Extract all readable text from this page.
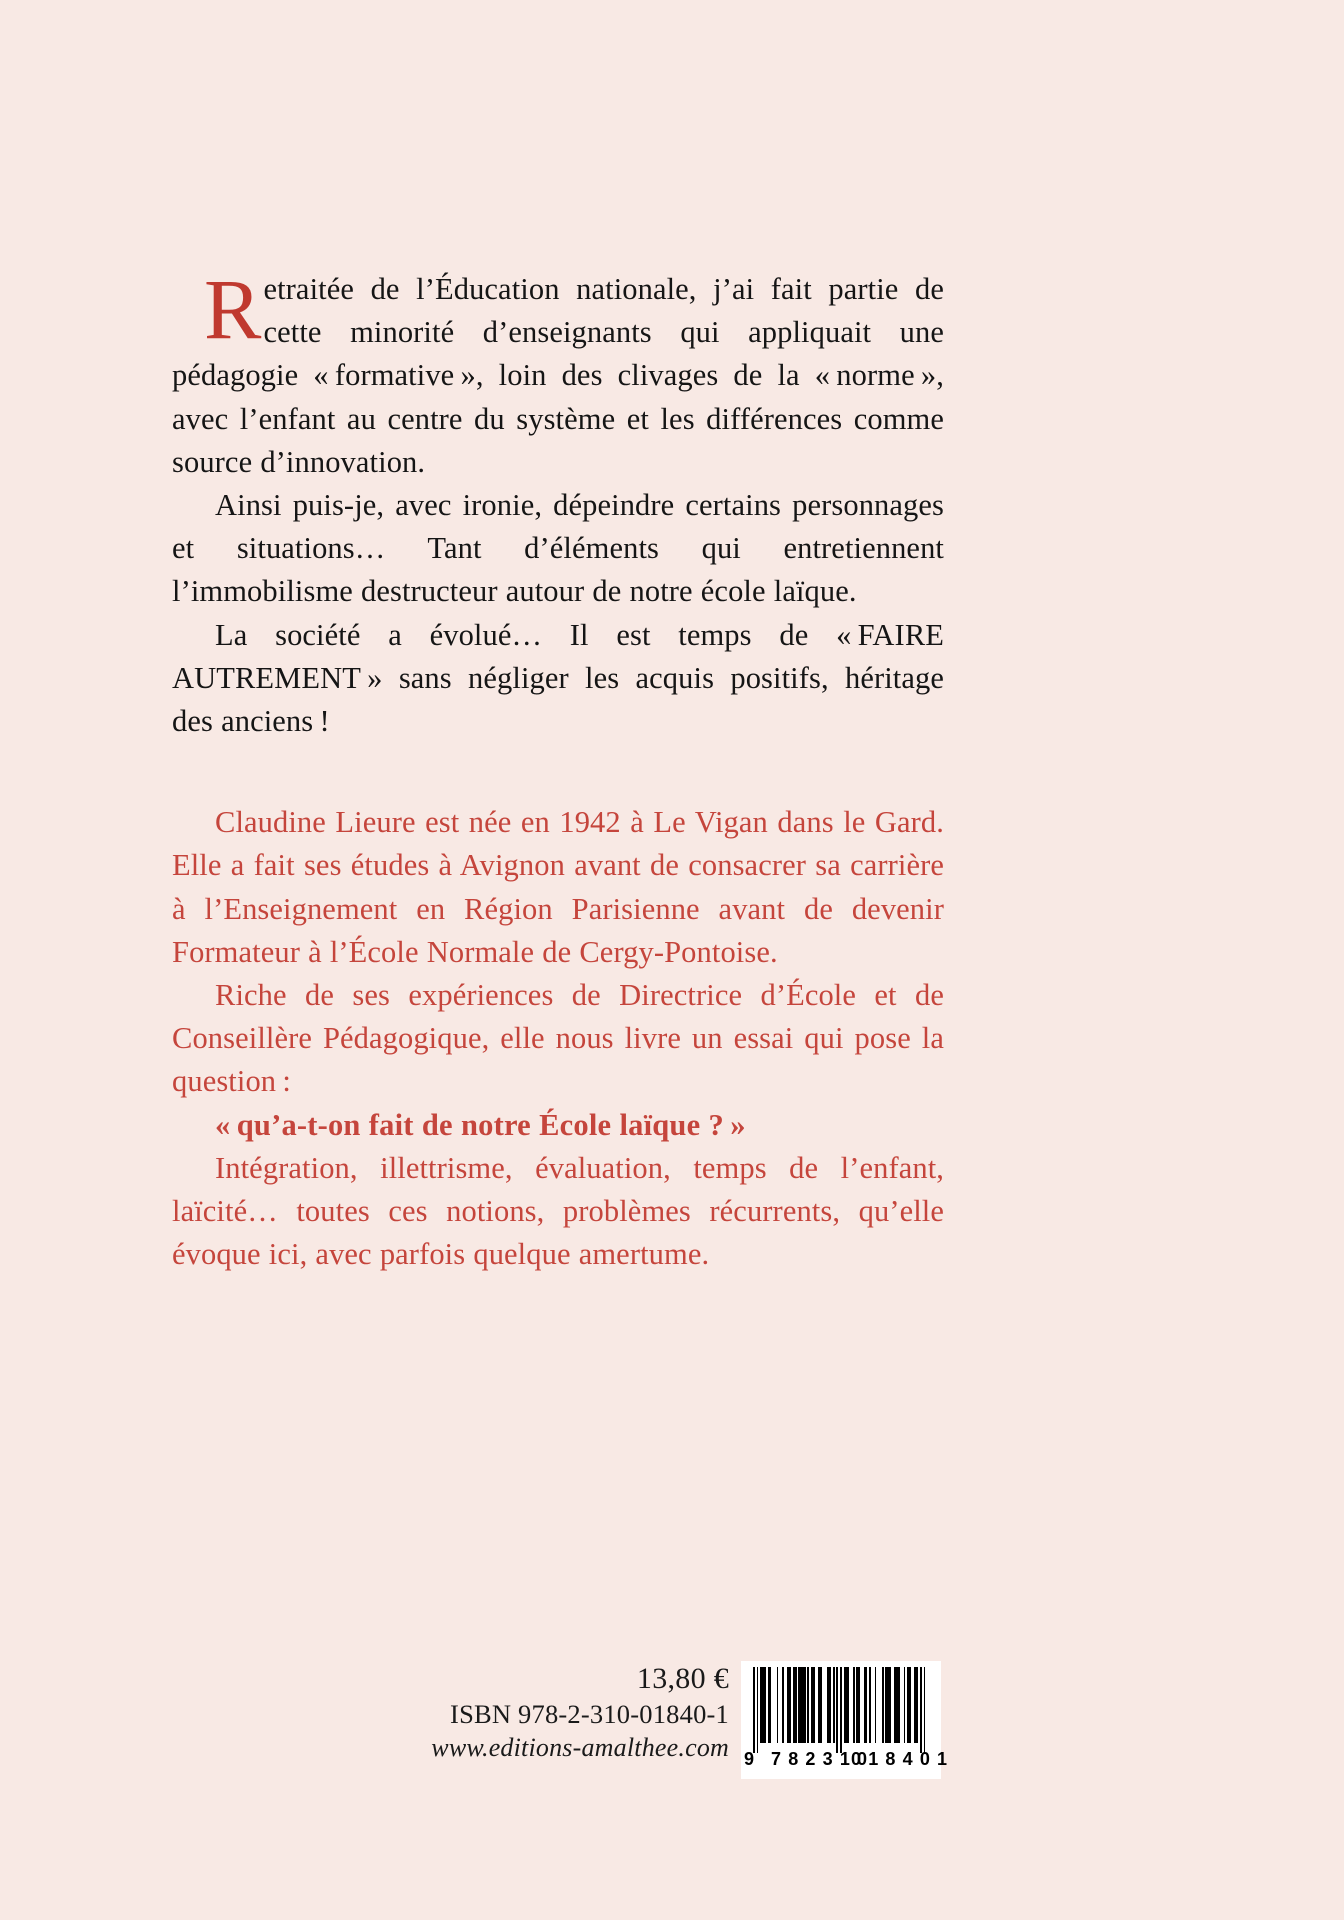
Retraitée de l’Éducation nationale, j’ai fait partie de cette minorité d’enseignants qui appliquait une pédagogie « formative », loin des clivages de la « norme », avec l’enfant au centre du système et les différences comme source d’innovation.

Ainsi puis-je, avec ironie, dépeindre certains personnages et situations… Tant d’éléments qui entretiennent l’immobilisme destructeur autour de notre école laïque.

La société a évolué… Il est temps de « FAIRE AUTREMENT » sans négliger les acquis positifs, héritage des anciens !

Claudine Lieure est née en 1942 à Le Vigan dans le Gard. Elle a fait ses études à Avignon avant de consacrer sa carrière à l’Enseignement en Région Parisienne avant de devenir Formateur à l’École Normale de Cergy-Pontoise.

Riche de ses expériences de Directrice d’École et de Conseillère Pédagogique, elle nous livre un essai qui pose la question :

« qu’a-t-on fait de notre École laïque ? »

Intégration, illettrisme, évaluation, temps de l’enfant, laïcité… toutes ces notions, problèmes récurrents, qu’elle évoque ici, avec parfois quelque amertume.

13,80 €
ISBN 978-2-310-01840-1
www.editions-amalthee.com 9 782310
018401
